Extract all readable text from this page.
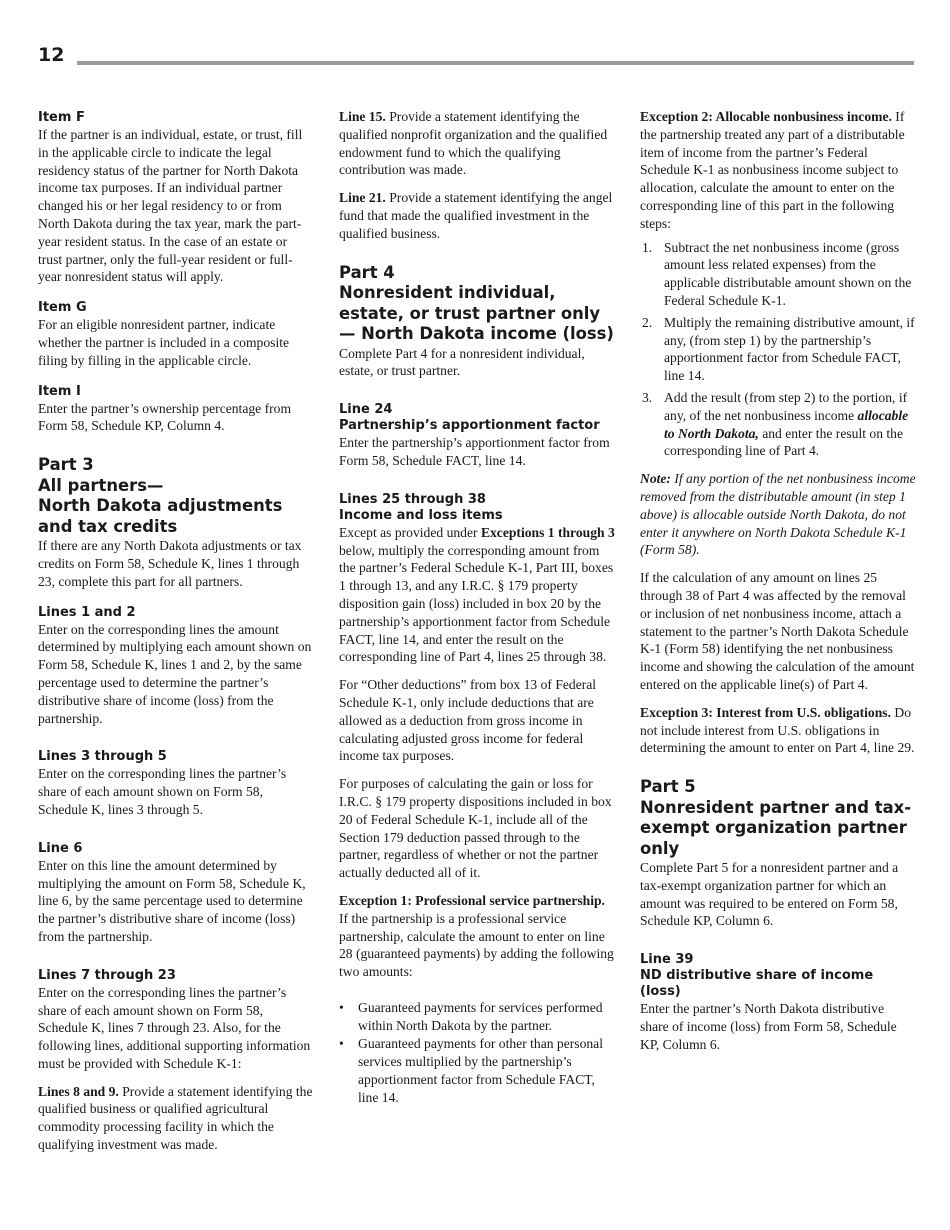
12
Item F

If the partner is an individual, estate, or trust, fill in the applicable circle to indicate the legal residency status of the partner for North Dakota income tax purposes. If an individual partner changed his or her legal residency to or from North Dakota during the tax year, mark the part-year resident status. In the case of an estate or trust partner, only the full-year resident or full-year nonresident status will apply.

Item G

For an eligible nonresident partner, indicate whether the partner is included in a composite filing by filling in the applicable circle.

Item I

Enter the partner’s ownership percentage from Form 58, Schedule KP, Column 4.

Part 3
All partners—
North Dakota adjustments and tax credits

If there are any North Dakota adjustments or tax credits on Form 58, Schedule K, lines 1 through 23, complete this part for all partners.

Lines 1 and 2

Enter on the corresponding lines the amount determined by multiplying each amount shown on Form 58, Schedule K, lines 1 and 2, by the same percentage used to determine the partner’s distributive share of income (loss) from the partnership.

Lines 3 through 5

Enter on the corresponding lines the partner’s share of each amount shown on Form 58, Schedule K, lines 3 through 5.

Line 6

Enter on this line the amount determined by multiplying the amount on Form 58, Schedule K, line 6, by the same percentage used to determine the partner’s distributive share of income (loss) from the partnership.

Lines 7 through 23

Enter on the corresponding lines the partner’s share of each amount shown on Form 58, Schedule K, lines 7 through 23. Also, for the following lines, additional supporting information must be provided with Schedule K-1:

Lines 8 and 9. Provide a statement identifying the qualified business or qualified agricultural commodity processing facility in which the qualifying investment was made.

Line 15. Provide a statement identifying the qualified nonprofit organization and the qualified endowment fund to which the qualifying contribution was made.

Line 21. Provide a statement identifying the angel fund that made the qualified investment in the qualified business.

Part 4
Nonresident individual, estate, or trust partner only— North Dakota income (loss)

Complete Part 4 for a nonresident individual, estate, or trust partner.

Line 24
Partnership’s apportionment factor

Enter the partnership’s apportionment factor from Form 58, Schedule FACT, line 14.

Lines 25 through 38
Income and loss items

Except as provided under Exceptions 1 through 3 below, multiply the corresponding amount from the partner’s Federal Schedule K-1, Part III, boxes 1 through 13, and any I.R.C. § 179 property disposition gain (loss) included in box 20 by the partnership’s apportionment factor from Schedule FACT, line 14, and enter the result on the corresponding line of Part 4, lines 25 through 38.

For “Other deductions” from box 13 of Federal Schedule K-1, only include deductions that are allowed as a deduction from gross income in calculating adjusted gross income for federal income tax purposes.

For purposes of calculating the gain or loss for I.R.C. § 179 property dispositions included in box 20 of Federal Schedule K-1, include all of the Section 179 deduction passed through to the partner, regardless of whether or not the partner actually deducted all of it.

Exception 1: Professional service partnership. If the partnership is a professional service partnership, calculate the amount to enter on line 28 (guaranteed payments) by adding the following two amounts:

• Guaranteed payments for services performed within North Dakota by the partner.
• Guaranteed payments for other than personal services multiplied by the partnership’s apportionment factor from Schedule FACT, line 14.

Exception 2: Allocable nonbusiness income. If the partnership treated any part of a distributable item of income from the partner’s Federal Schedule K-1 as nonbusiness income subject to allocation, calculate the amount to enter on the corresponding line of this part in the following steps:

1. Subtract the net nonbusiness income (gross amount less related expenses) from the applicable distributable amount shown on the Federal Schedule K-1.
2. Multiply the remaining distributive amount, if any, (from step 1) by the partnership’s apportionment factor from Schedule FACT, line 14.
3. Add the result (from step 2) to the portion, if any, of the net nonbusiness income allocable to North Dakota, and enter the result on the corresponding line of Part 4.

Note: If any portion of the net nonbusiness income removed from the distributable amount (in step 1 above) is allocable outside North Dakota, do not enter it anywhere on North Dakota Schedule K-1 (Form 58).

If the calculation of any amount on lines 25 through 38 of Part 4 was affected by the removal or inclusion of net nonbusiness income, attach a statement to the partner’s North Dakota Schedule K-1 (Form 58) identifying the net nonbusiness income and showing the calculation of the amount entered on the applicable line(s) of Part 4.

Exception 3: Interest from U.S. obligations. Do not include interest from U.S. obligations in determining the amount to enter on Part 4, line 29.

Part 5
Nonresident partner and tax-exempt organization partner only

Complete Part 5 for a nonresident partner and a tax-exempt organization partner for which an amount was required to be entered on Form 58, Schedule KP, Column 6.

Line 39
ND distributive share of income (loss)

Enter the partner’s North Dakota distributive share of income (loss) from Form 58, Schedule KP, Column 6.
